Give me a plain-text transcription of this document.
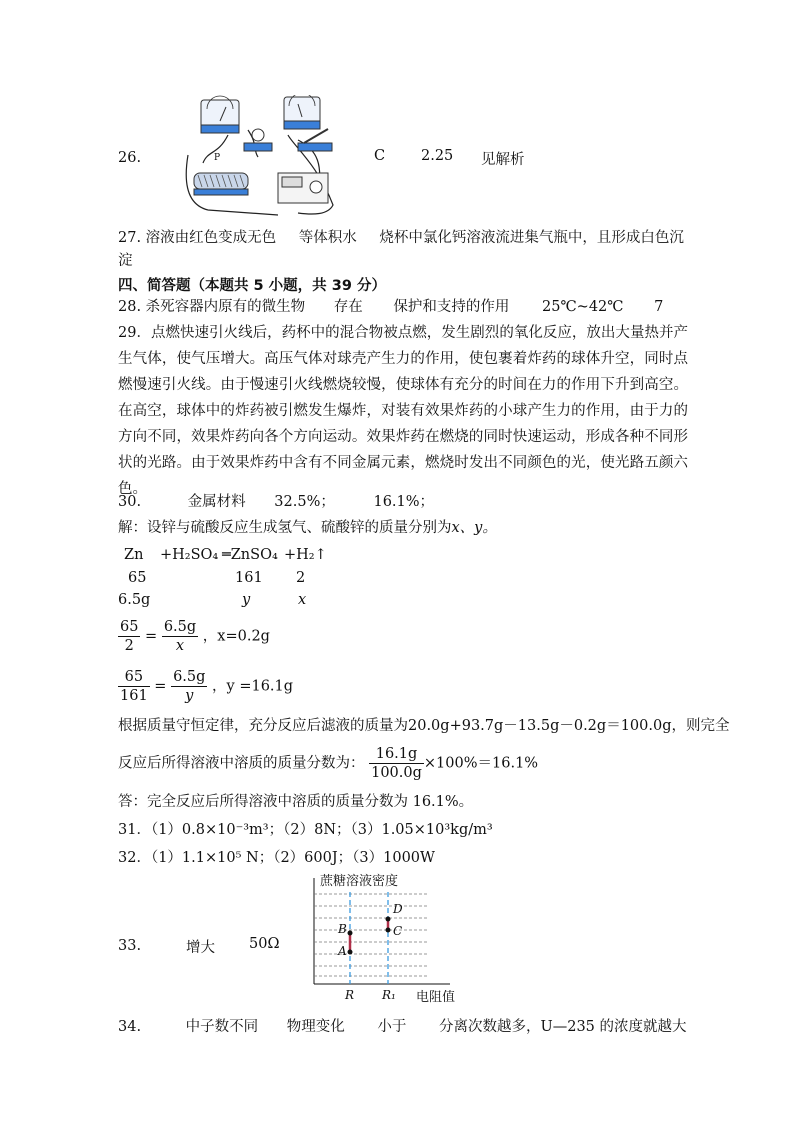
P
26.	C 2.25 见解析
27. 溶液由红色变成无色 等体积水 烧杯中氯化钙溶液流进集气瓶中，且形成白色沉
淀
四、简答题（本题共 5 小题，共 39 分）
28. 杀死容器内原有的微生物 存在 保护和支持的作用 25℃~42℃ 7
29．点燃快速引火线后，药杯中的混合物被点燃，发生剧烈的氧化反应，放出大量热并产生气体，使气压增大。高压气体对球壳产生力的作用，使包裹着炸药的球体升空，同时点燃慢速引火线。由于慢速引火线燃烧较慢，使球体有充分的时间在力的作用下升到高空。在高空，球体中的炸药被引燃发生爆炸，对装有效果炸药的小球产生力的作用，由于力的方向不同，效果炸药向各个方向运动。效果炸药在燃烧的同时快速运动，形成各种不同形状的光路。由于效果炸药中含有不同金属元素，燃烧时发出不同颜色的光，使光路五颜六色。
30.	金属材料 32.5%；	16.1%；
解：设锌与硫酸反应生成氢气、硫酸锌的质量分别为x、y。
Zn +H₂SO₄ ═ZnSO₄ +H₂↑
65	161 2
6.5g	y	x
$\frac{65}{2} = \frac{6.5g}{x}$ ，x=0.2g
$\frac{65}{161} = \frac{6.5g}{y}$ ，y =16.1g
根据质量守恒定律，充分反应后滤液的质量为20.0g+93.7g－13.5g－0.2g＝100.0g，则完全
反应后所得溶液中溶质的质量分数为： $\frac{16.1g}{100.0g} \times 100\%=16.1\%$
答：完全反应后所得溶液中溶质的质量分数为 16.1%。
31．（1）0.8×10⁻³m³；（2）8N；（3）1.05×10³kg/m³
32．（1）1.1×10⁵ N；（2）600J；（3）1000W
33.	增大 50Ω
蔗糖溶液密度
电阻值
B
A
D
C
R R₁
34.	中子数不同 物理变化 小于 分离次数越多，U—235 的浓度就越大
